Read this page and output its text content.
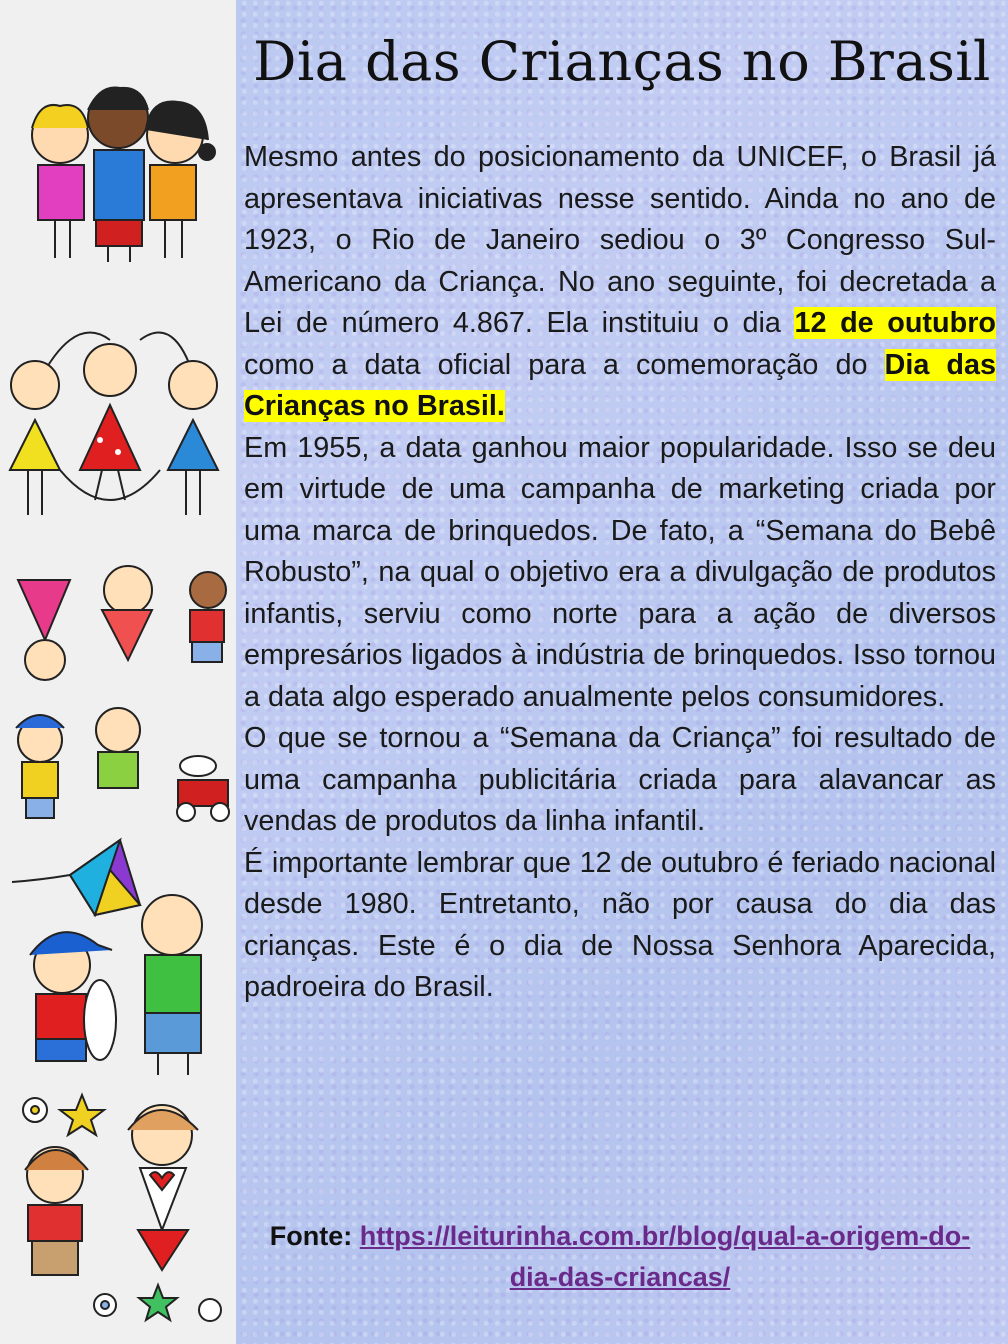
Dia das Crianças no Brasil

Mesmo antes do posicionamento da UNICEF, o Brasil já apresentava iniciativas nesse sentido. Ainda no ano de 1923, o Rio de Janeiro sediou o 3º Congresso Sul-Americano da Criança. No ano seguinte, foi decretada a Lei de número 4.867. Ela instituiu o dia 12 de outubro como a data oficial para a comemoração do Dia das Crianças no Brasil.

Em 1955, a data ganhou maior popularidade. Isso se deu em virtude de uma campanha de marketing criada por uma marca de brinquedos. De fato, a “Semana do Bebê Robusto”, na qual o objetivo era a divulgação de produtos infantis, serviu como norte para a ação de diversos empresários ligados à indústria de brinquedos. Isso tornou a data algo esperado anualmente pelos consumidores.

O que se tornou a “Semana da Criança” foi resultado de uma campanha publicitária criada para alavancar as vendas de produtos da linha infantil.

É importante lembrar que 12 de outubro é feriado nacional desde 1980. Entretanto, não por causa do dia das crianças. Este é o dia de Nossa Senhora Aparecida, padroeira do Brasil.

Fonte: https://leiturinha.com.br/blog/qual-a-origem-do-dia-das-criancas/
